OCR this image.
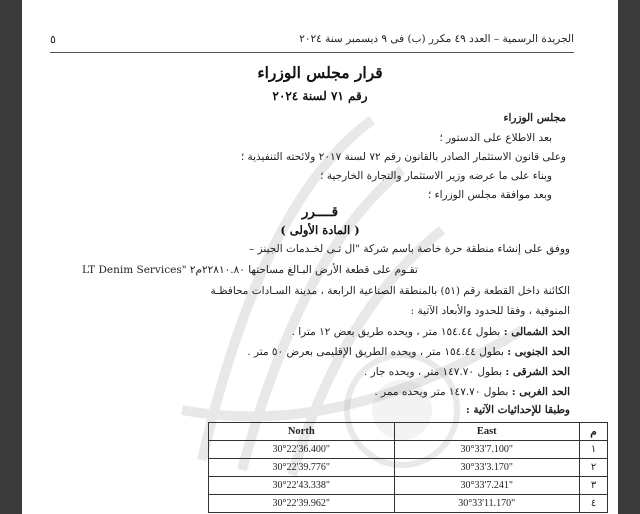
الجريدة الرسمية – العدد ٤٩ مكرر (ب) فى ٩ ديسمبر سنة ٢٠٢٤
٥
قرار مجلس الوزراء
رقم ٧١ لسنة ٢٠٢٤
مجلس الوزراء
بعد الاطلاع على الدستور ؛
وعلى قانون الاستثمار الصادر بالقانون رقم ٧٢ لسنة ٢٠١٧ ولائحته التنفيذية ؛
وبناء على ما عرضه وزير الاستثمار والتجارة الخارجية ؛
وبعد موافقة مجلس الوزراء ؛
قــــرر
( المادة الأولى )
ووفق على إنشاء منطقة حرة خاصة باسم شركة "ال تـى لخـدمات الجينز –
LT Denim Services" تقـوم على قطعة الأرض البـالغ مساحتها ٢٢٨١٠.٨٠م٢
الكائنة داخل القطعة رقم (٥١) بالمنطقة الصناعية الرابعة ، مدينة السـادات محافظـة
المنوفية ، وفقا للحدود والأبعاد الآتية :
الحد الشمالى : بطول ١٥٤.٤٤ متر ، ويحده طريق بعض ١٢ مترا .
الحد الجنوبى : بطول ١٥٤.٤٤ متر ، ويحده الطريق الإقليمى بعرض ٥٠ متر .
الحد الشرقى : بطول ١٤٧.٧٠ متر ، ويحده جار .
الحد الغربى : بطول ١٤٧.٧٠ متر ويحده ممر .
وطبقا للإحداثيات الآتية :
North	East	م
30°22'36.400"	30°33'7.100"	١
30°22'39.776"	30°33'3.170"	٢
30°22'43.338"	30°33'7.241"	٣
30°22'39.962"	30°33'11.170"	٤
